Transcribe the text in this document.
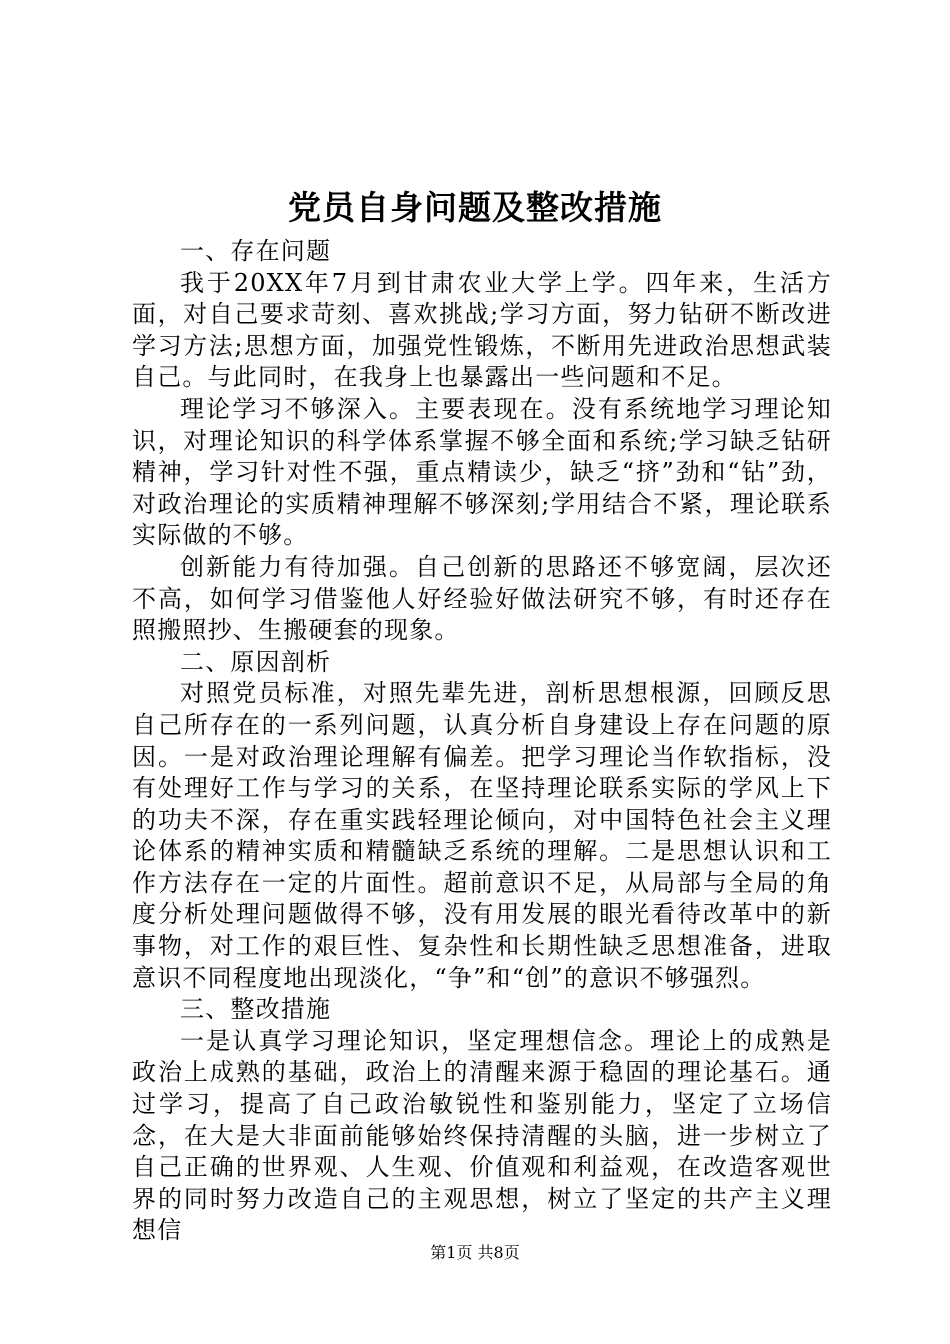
党员自身问题及整改措施

一、存在问题

我于20XX年7月到甘肃农业大学上学。四年来，生活方面，对自己要求苛刻、喜欢挑战;学习方面，努力钻研不断改进学习方法;思想方面，加强党性锻炼，不断用先进政治思想武装自己。与此同时，在我身上也暴露出一些问题和不足。

理论学习不够深入。主要表现在。没有系统地学习理论知识，对理论知识的科学体系掌握不够全面和系统;学习缺乏钻研精神，学习针对性不强，重点精读少，缺乏“挤”劲和“钻”劲，对政治理论的实质精神理解不够深刻;学用结合不紧，理论联系实际做的不够。

创新能力有待加强。自己创新的思路还不够宽阔，层次还不高，如何学习借鉴他人好经验好做法研究不够，有时还存在照搬照抄、生搬硬套的现象。

二、原因剖析

对照党员标准，对照先辈先进，剖析思想根源，回顾反思自己所存在的一系列问题，认真分析自身建设上存在问题的原因。一是对政治理论理解有偏差。把学习理论当作软指标，没有处理好工作与学习的关系，在坚持理论联系实际的学风上下的功夫不深，存在重实践轻理论倾向，对中国特色社会主义理论体系的精神实质和精髓缺乏系统的理解。二是思想认识和工作方法存在一定的片面性。超前意识不足，从局部与全局的角度分析处理问题做得不够，没有用发展的眼光看待改革中的新事物，对工作的艰巨性、复杂性和长期性缺乏思想准备，进取意识不同程度地出现淡化，“争”和“创”的意识不够强烈。

三、整改措施

一是认真学习理论知识，坚定理想信念。理论上的成熟是政治上成熟的基础，政治上的清醒来源于稳固的理论基石。通过学习，提高了自己政治敏锐性和鉴别能力，坚定了立场信念，在大是大非面前能够始终保持清醒的头脑，进一步树立了自己正确的世界观、人生观、价值观和利益观，在改造客观世界的同时努力改造自己的主观思想，树立了坚定的共产主义理想信

第1页 共8页
